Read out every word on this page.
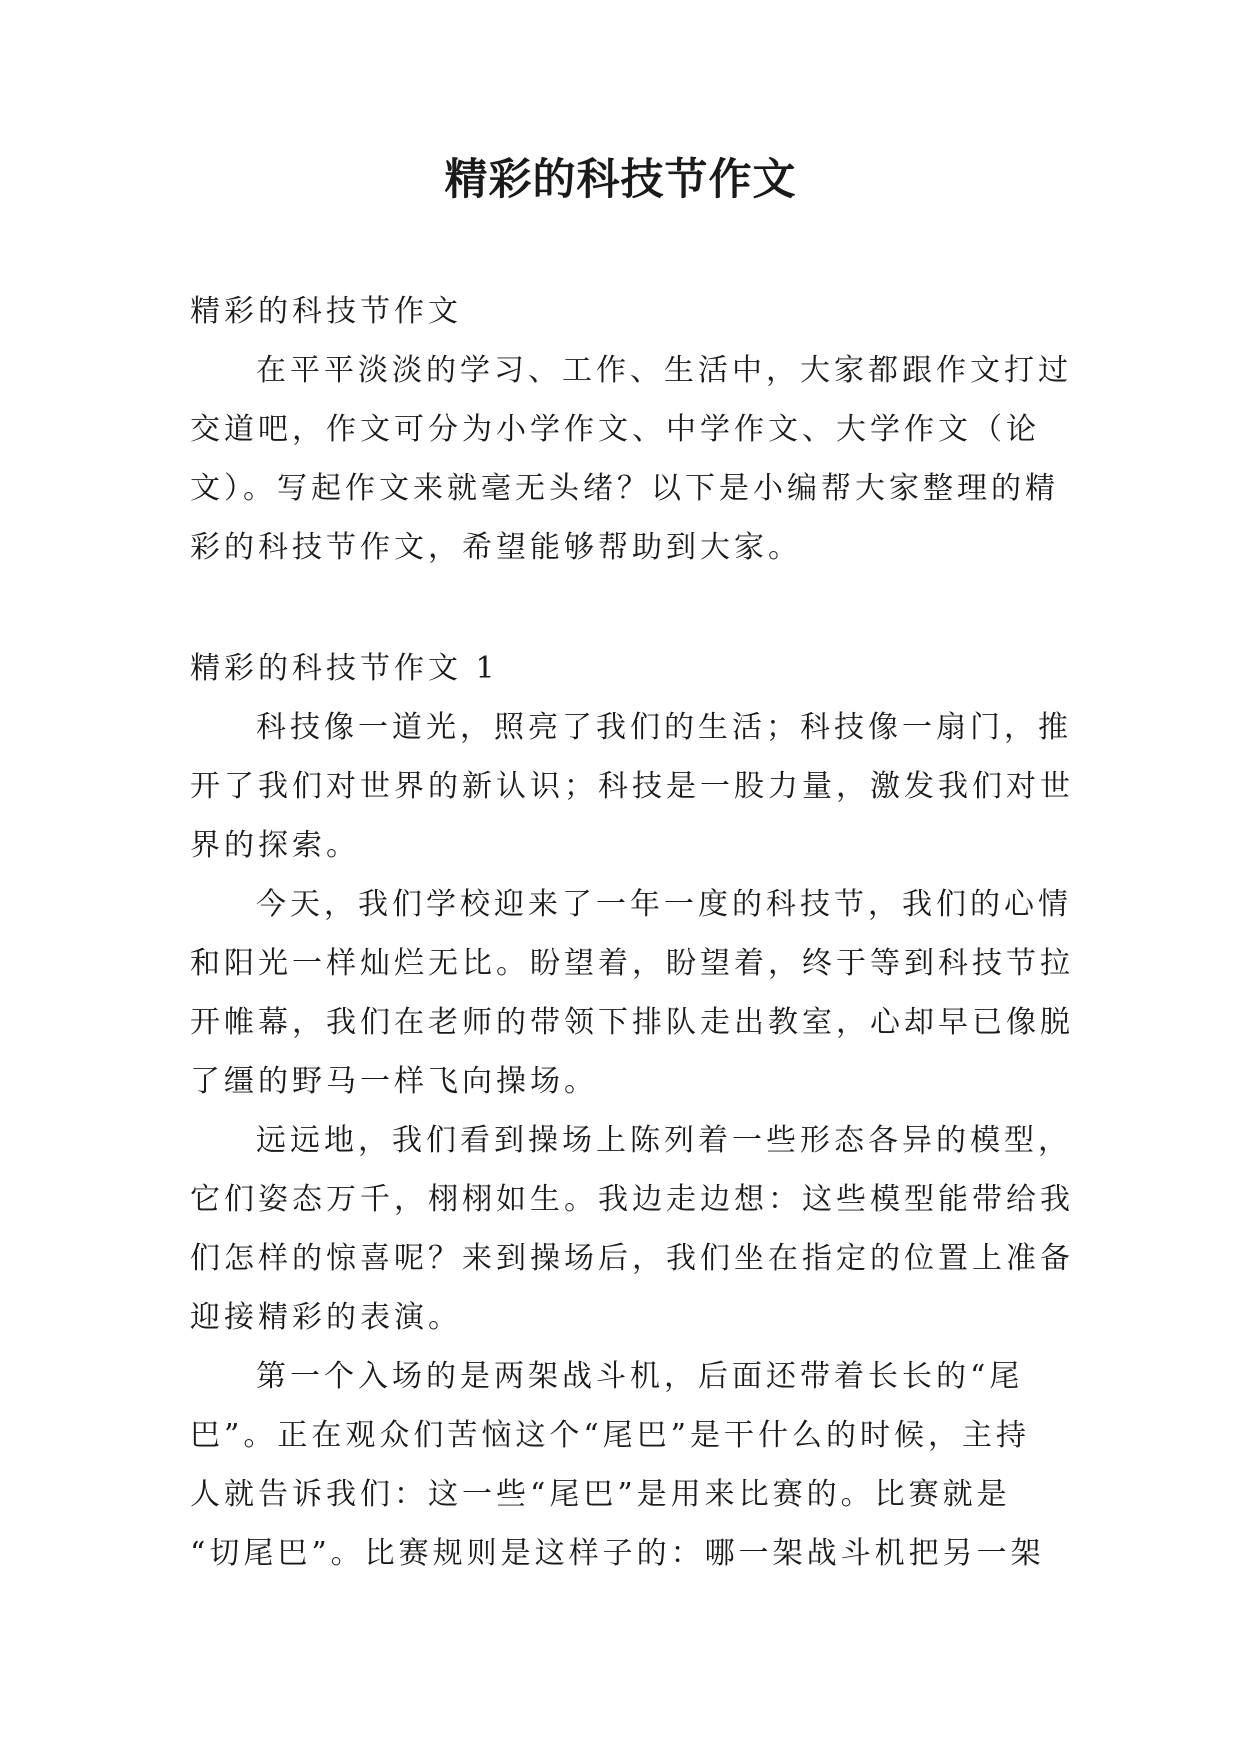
精彩的科技节作文
精彩的科技节作文
在平平淡淡的学习、工作、生活中，大家都跟作文打过
交道吧，作文可分为小学作文、中学作文、大学作文（论
文）。写起作文来就毫无头绪？以下是小编帮大家整理的精
彩的科技节作文，希望能够帮助到大家。
精彩的科技节作文 1
科技像一道光，照亮了我们的生活；科技像一扇门，推
开了我们对世界的新认识；科技是一股力量，激发我们对世
界的探索。
今天，我们学校迎来了一年一度的科技节，我们的心情
和阳光一样灿烂无比。盼望着，盼望着，终于等到科技节拉
开帷幕，我们在老师的带领下排队走出教室，心却早已像脱
了缰的野马一样飞向操场。
远远地，我们看到操场上陈列着一些形态各异的模型，
它们姿态万千，栩栩如生。我边走边想：这些模型能带给我
们怎样的惊喜呢？来到操场后，我们坐在指定的位置上准备
迎接精彩的表演。
第一个入场的是两架战斗机，后面还带着长长的“尾
巴”。正在观众们苦恼这个“尾巴”是干什么的时候，主持
人就告诉我们：这一些“尾巴”是用来比赛的。比赛就是
“切尾巴”。比赛规则是这样子的：哪一架战斗机把另一架
